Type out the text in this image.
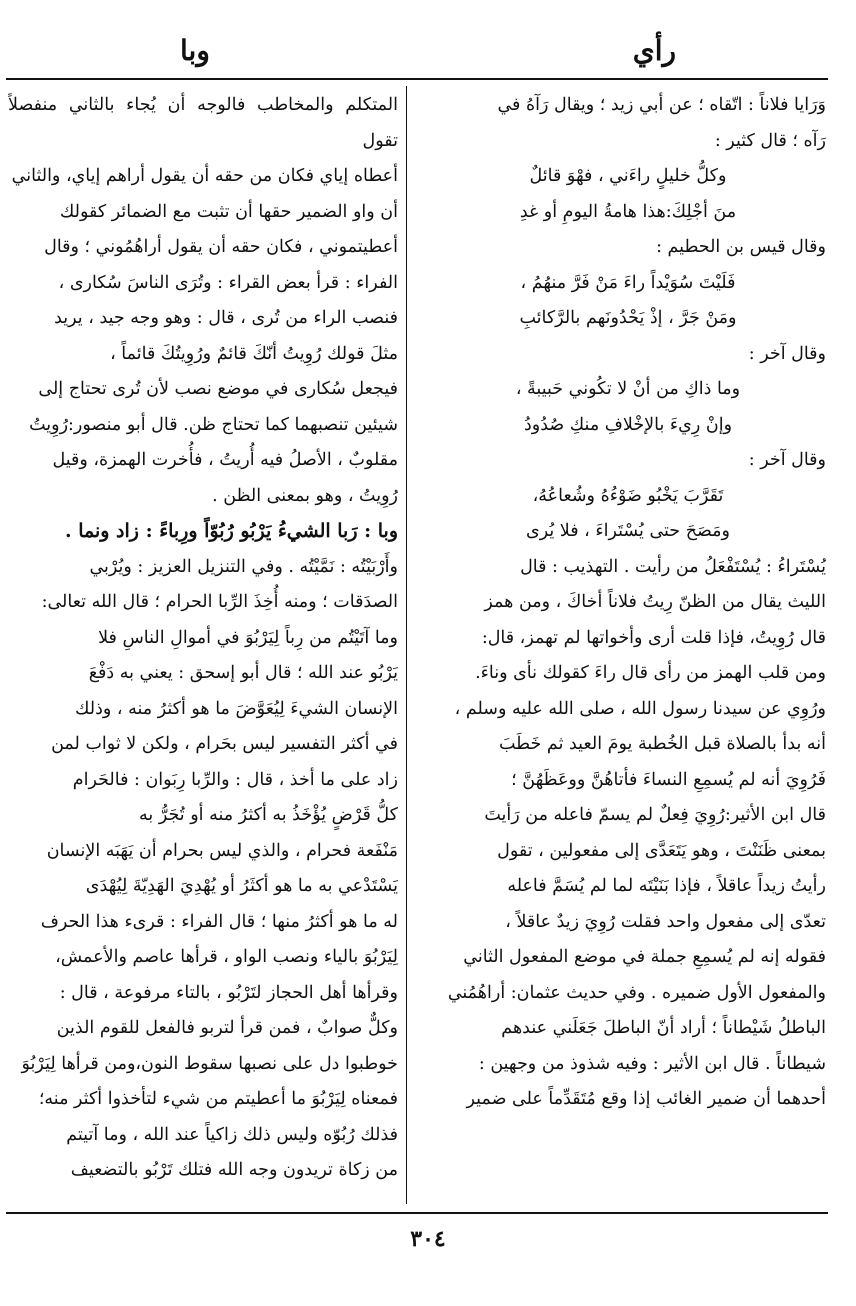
رأي
وبا
وَرَايا فلاناً : اتّقاه ؛ عن أبي زيد ؛ ويقال رَآهُ في
رَآه ؛ قال كثير :
وكلُّ خليلٍ راءَني ، فهْوَ قائلٌ
منَ أجْلِكَ:هذا هامةُ اليومِ أو غدِ
وقال قيس بن الحطيم :
فَلَيْتَ سُوَيْداً راءَ مَنْ فَرَّ منهُمُ ،
ومَنْ جَرَّ ، إذْ يَحْدُونَهم بالرَّكائبِ
وقال آخر :
وما ذاكِ من أنْ لا تكُوني حَبيبةً ،
وإنْ رِيءَ بالإخْلافِ منكِ صُدُودُ
وقال آخر :
تَقَرَّبَ يَخْبُو ضَوْءُهُ وشُعاعُهُ،
ومَصَحَ حتى يُسْتَراءَ ، فلا يُرى
يُسْتَراءُ : يُسْتَفْعَلُ من رأيت . التهذيب : قال
الليث يقال من الظنّ رِيتُ فلاناً أخاكَ ، ومن همز
قال رُوِيتُ، فإذا قلت أرى وأخواتها لم تهمز، قال:
ومن قلب الهمز من رأى قال راءَ كقولك نأى وناءَ.
ورُوِي عن سيدنا رسول الله ، صلى الله عليه وسلم ،
أنه بدأ بالصلاة قبل الخُطبة يومَ العيد ثم خَطَبَ
فَرُوِيَ أنه لم يُسمِعِ النساءَ فأتاهُنَّ ووعَظَهُنَّ ؛
قال ابن الأثير:رُوِيَ فِعلٌ لم يسمّ فاعله من رَأيتَ
بمعنى ظَنَنْتَ ، وهو يَتَعَدَّى إلى مفعولين ، تقول
رأيتُ زيداً عاقلاً ، فإذا بَنَيْتَه لما لم يُسَمَّ فاعله
تعدّى إلى مفعول واحد فقلت رُوِيَ زيدٌ عاقلاً ،
فقوله إنه لم يُسمِعِ جملة في موضع المفعول الثاني
والمفعول الأول ضميره . وفي حديث عثمان: أراهُمُني
الباطلُ شَيْطاناً ؛ أراد أنّ الباطلَ جَعَلَني عندهم
شيطاناً . قال ابن الأثير : وفيه شذوذ من وجهين :
أحدهما أن ضمير الغائب إذا وقع مُتَقَدِّماً على ضمير
المتكلم والمخاطب فالوجه أن يُجاء بالثاني منفصلاً تقول
أعطاه إياي فكان من حقه أن يقول أراهم إياي، والثاني
أن واو الضمير حقها أن تثبت مع الضمائر كقولك
أعطيتموني ، فكان حقه أن يقول أراهُمُوني ؛ وقال
الفراء : قرأ بعض القراء : وتُرَى الناسَ سُكارى ،
فنصب الراء من تُرى ، قال : وهو وجه جيد ، يريد
مثلَ قولك رُوِيتُ أنّكَ قائمٌ ورُوِيتُكَ قائماً ،
فيجعل سُكارى في موضع نصب لأن تُرى تحتاج إلى
شيئين تنصبهما كما تحتاج ظن. قال أبو منصور:رُوِيتُ
مقلوبٌ ، الأصلُ فيه أُريتُ ، فأُخرت الهمزة، وقيل
رُوِيتُ ، وهو بمعنى الظن .
وبا : رَبا الشيءُ يَرْبُو رُبُوّاً ورِباءً : زاد ونما .
وأَرْبَيْتُه : نَمَّيْتُه . وفي التنزيل العزيز : ويُرْبي
الصدَقات ؛ ومنه أُخِذَ الرِّبا الحرام ؛ قال الله تعالى:
وما آتَيْتُم من رِباً لِيَرْبُوَ في أموالِ الناسِ فلا
يَرْبُو عند الله ؛ قال أبو إسحق : يعني به دَفْعَ
الإنسان الشيءَ لِيُعَوَّضَ ما هو أكثرُ منه ، وذلك
في أكثر التفسير ليس بحَرام ، ولكن لا ثواب لمن
زاد على ما أخذ ، قال : والرِّبا رِبَوان : فالحَرام
كلُّ قَرْضٍ يُؤْخَذُ به أكثرُ منه أو تُجَرُّ به
مَنْفَعة فحرام ، والذي ليس بحرام أن يَهَبَه الإنسان
يَسْتَدْعي به ما هو أكثَرُ أو يُهْدِيَ الهَدِيّةَ لِيُهْدَى
له ما هو أكثرُ منها ؛ قال الفراء : قرىء هذا الحرف
لِيَرْبُوَ بالياء ونصب الواو ، قرأها عاصم والأعمش،
وقرأها أهل الحجاز لتَرْبُو ، بالتاء مرفوعة ، قال :
وكلٌّ صوابٌ ، فمن قرأ لتربو فالفعل للقوم الذين
خوطبوا دل على نصبها سقوط النون،ومن قرأها لِيَرْبُوَ
فمعناه لِيَرْبُوَ ما أعطيتم من شيء لتأخذوا أكثر منه؛
فذلك رُبُوّه وليس ذلك زاكياً عند الله ، وما آتيتم
من زكاة تريدون وجه الله فتلك تَرْبُو بالتضعيف
٣٠٤
